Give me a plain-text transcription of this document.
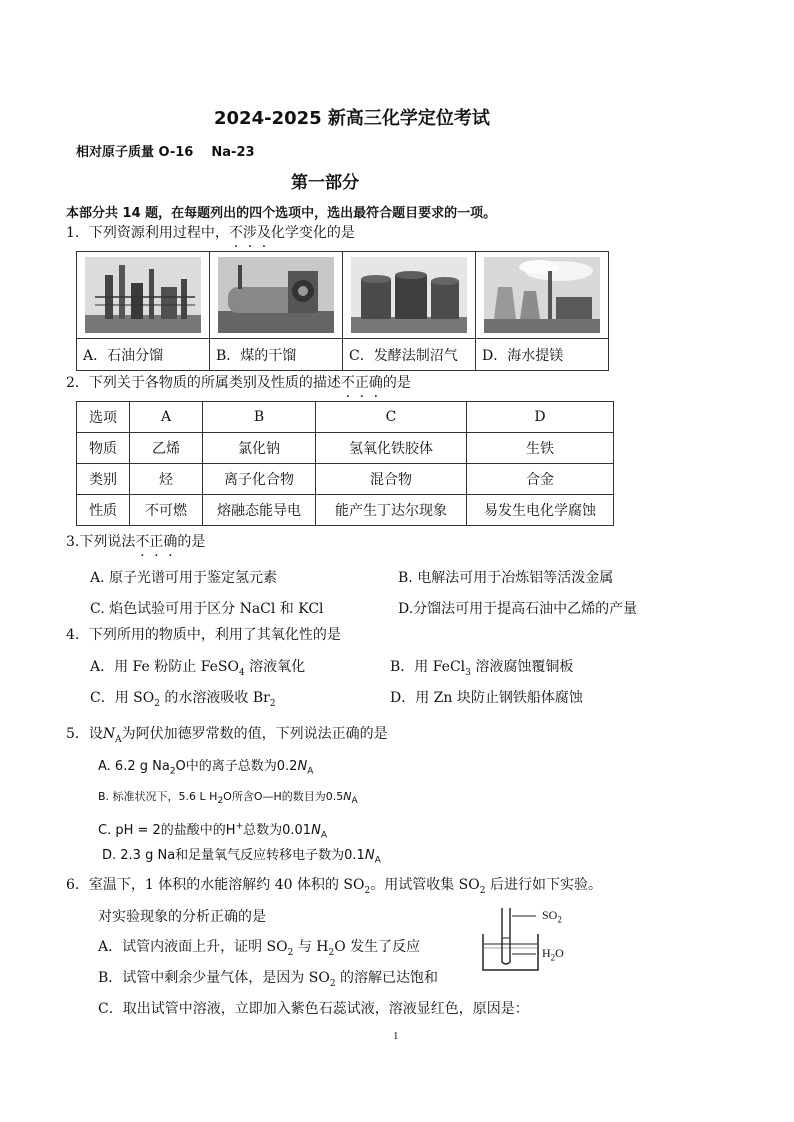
2024-2025 新高三化学定位考试
相对原子质量 O-16    Na-23
第一部分
本部分共 14 题，在每题列出的四个选项中，选出最符合题目要求的一项。
1．下列资源利用过程中，不涉及化学变化的是

A．石油分馏	B．煤的干馏	C．发酵法制沼气	D．海水提镁
2．下列关于各物质的所属类别及性质的描述不正确的是
选项	A	B	C	D
物质	乙烯	氯化钠	氢氧化铁胶体	生铁
类别	烃	离子化合物	混合物	合金
性质	不可燃	熔融态能导电	能产生丁达尔现象	易发生电化学腐蚀
3.下列说法不正确的是
A. 原子光谱可用于鉴定氢元素	B. 电解法可用于冶炼铝等活泼金属
C. 焰色试验可用于区分 NaCl 和 KCl	D.分馏法可用于提高石油中乙烯的产量
4．下列所用的物质中，利用了其氧化性的是
A．用 Fe 粉防止 FeSO$_4$ 溶液氧化	B．用 FeCl$_3$ 溶液腐蚀覆铜板
C．用 $SO_2$ 的水溶液吸收 $Br_2$	D．用 Zn 块防止钢铁船体腐蚀
5．设$N_A$为阿伏加德罗常数的值，下列说法正确的是
A. 6.2 g $Na_2O$中的离子总数为$0.2N_A$
B. 标准状况下，5.6 L $H_2O$所含O—H的数目为$0.5N_A$
C. pH = 2的盐酸中的H+总数为$0.01N_A$
D. 2.3 g Na和足量氧气反应转移电子数为$0.1N_A$
6．室温下，1 体积的水能溶解约 40 体积的 $SO_2$。用试管收集 $SO_2$ 后进行如下实验。
对实验现象的分析正确的是
A．试管内液面上升，证明 $SO_2$ 与 $H_2O$ 发生了反应
B．试管中剩余少量气体，是因为 $SO_2$ 的溶解已达饱和
C．取出试管中溶液，立即加入紫色石蕊试液，溶液显红色，原因是：
$SO_2$
$H_2O$
1
